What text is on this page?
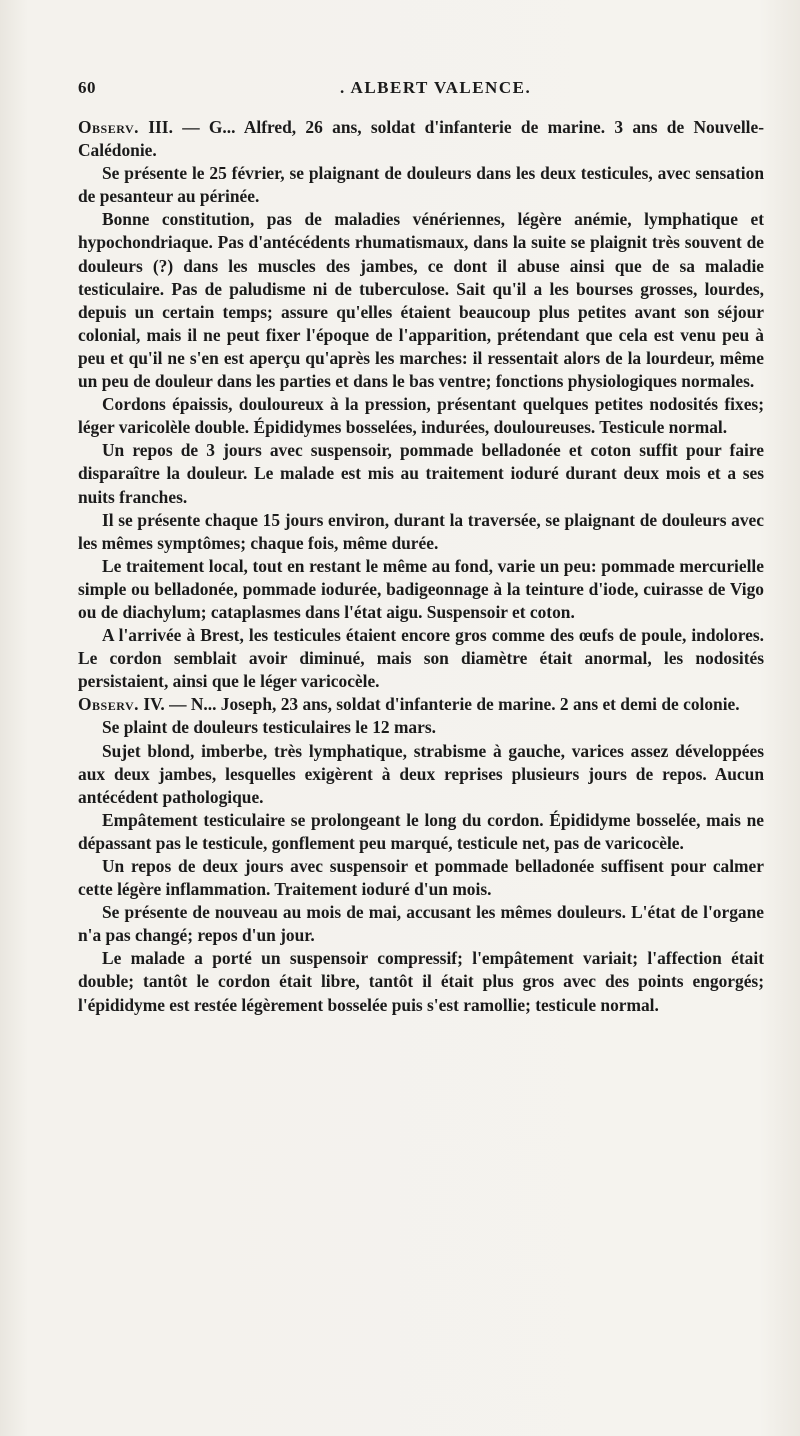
60	. ALBERT VALENCE.

Observ. III. — G... Alfred, 26 ans, soldat d'infanterie de marine. 3 ans de Nouvelle-Calédonie.

Se présente le 25 février, se plaignant de douleurs dans les deux testicules, avec sensation de pesanteur au périnée.

Bonne constitution, pas de maladies vénériennes, légère anémie, lymphatique et hypochondriaque. Pas d'antécédents rhumatismaux, dans la suite se plaignit très souvent de douleurs (?) dans les muscles des jambes, ce dont il abuse ainsi que de sa maladie testiculaire. Pas de paludisme ni de tuberculose. Sait qu'il a les bourses grosses, lourdes, depuis un certain temps; assure qu'elles étaient beaucoup plus petites avant son séjour colonial, mais il ne peut fixer l'époque de l'apparition, prétendant que cela est venu peu à peu et qu'il ne s'en est aperçu qu'après les marches: il ressentait alors de la lourdeur, même un peu de douleur dans les parties et dans le bas ventre; fonctions physiologiques normales.

Cordons épaissis, douloureux à la pression, présentant quelques petites nodosités fixes; léger varicolèle double. Épididymes bosselées, indurées, douloureuses. Testicule normal.

Un repos de 3 jours avec suspensoir, pommade belladonée et coton suffit pour faire disparaître la douleur. Le malade est mis au traitement ioduré durant deux mois et a ses nuits franches.

Il se présente chaque 15 jours environ, durant la traversée, se plaignant de douleurs avec les mêmes symptômes; chaque fois, même durée.

Le traitement local, tout en restant le même au fond, varie un peu: pommade mercurielle simple ou belladonée, pommade iodurée, badigeonnage à la teinture d'iode, cuirasse de Vigo ou de diachylum; cataplasmes dans l'état aigu. Suspensoir et coton.

A l'arrivée à Brest, les testicules étaient encore gros comme des œufs de poule, indolores. Le cordon semblait avoir diminué, mais son diamètre était anormal, les nodosités persistaient, ainsi que le léger varicocèle.

Observ. IV. — N... Joseph, 23 ans, soldat d'infanterie de marine. 2 ans et demi de colonie.

Se plaint de douleurs testiculaires le 12 mars.

Sujet blond, imberbe, très lymphatique, strabisme à gauche, varices assez développées aux deux jambes, lesquelles exigèrent à deux reprises plusieurs jours de repos. Aucun antécédent pathologique.

Empâtement testiculaire se prolongeant le long du cordon. Épididyme bosselée, mais ne dépassant pas le testicule, gonflement peu marqué, testicule net, pas de varicocèle.

Un repos de deux jours avec suspensoir et pommade belladonée suffisent pour calmer cette légère inflammation. Traitement ioduré d'un mois.

Se présente de nouveau au mois de mai, accusant les mêmes douleurs. L'état de l'organe n'a pas changé; repos d'un jour.

Le malade a porté un suspensoir compressif; l'empâtement variait; l'affection était double; tantôt le cordon était libre, tantôt il était plus gros avec des points engorgés; l'épididyme est restée légèrement bosselée puis s'est ramollie; testicule normal.
